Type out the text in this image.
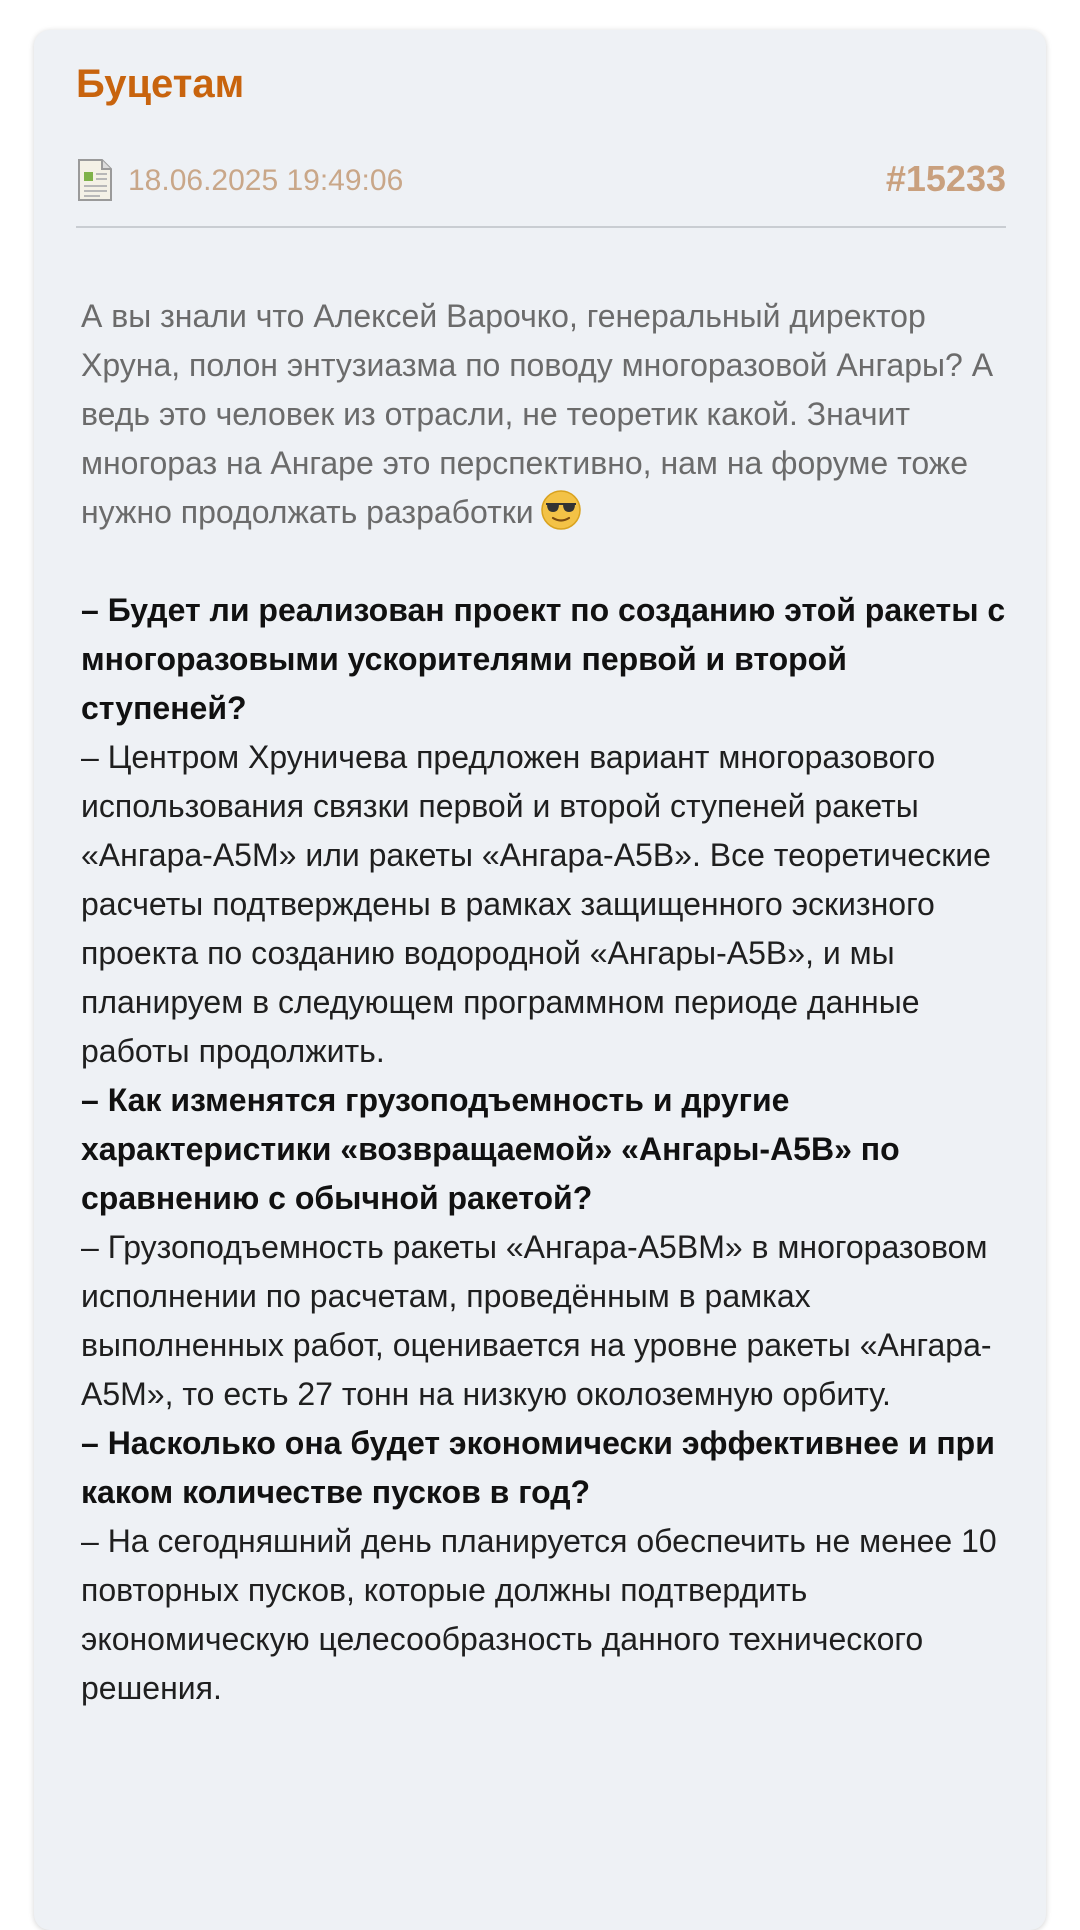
Буцетам
18.06.2025 19:49:06	#15233

А вы знали что Алексей Варочко, генеральный директор Хруна, полон энтузиазма по поводу многоразовой Ангары? А ведь это человек из отрасли, не теоретик какой. Значит многораз на Ангаре это перспективно, нам на форуме тоже нужно продолжать разработки

– Будет ли реализован проект по созданию этой ракеты с многоразовыми ускорителями первой и второй ступеней?

– Центром Хруничева предложен вариант многоразового использования связки первой и второй ступеней ракеты «Ангара-А5М» или ракеты «Ангара-А5В». Все теоретические расчеты подтверждены в рамках защищенного эскизного проекта по созданию водородной «Ангары-А5В», и мы планируем в следующем программном периоде данные работы продолжить.

– Как изменятся грузоподъемность и другие характеристики «возвращаемой» «Ангары-А5В» по сравнению с обычной ракетой?

– Грузоподъемность ракеты «Ангара-А5ВМ» в многоразовом исполнении по расчетам, проведённым в рамках выполненных работ, оценивается на уровне ракеты «Ангара-А5М», то есть 27 тонн на низкую околоземную орбиту.

– Насколько она будет экономически эффективнее и при каком количестве пусков в год?

– На сегодняшний день планируется обеспечить не менее 10 повторных пусков, которые должны подтвердить экономическую целесообразность данного технического решения.
